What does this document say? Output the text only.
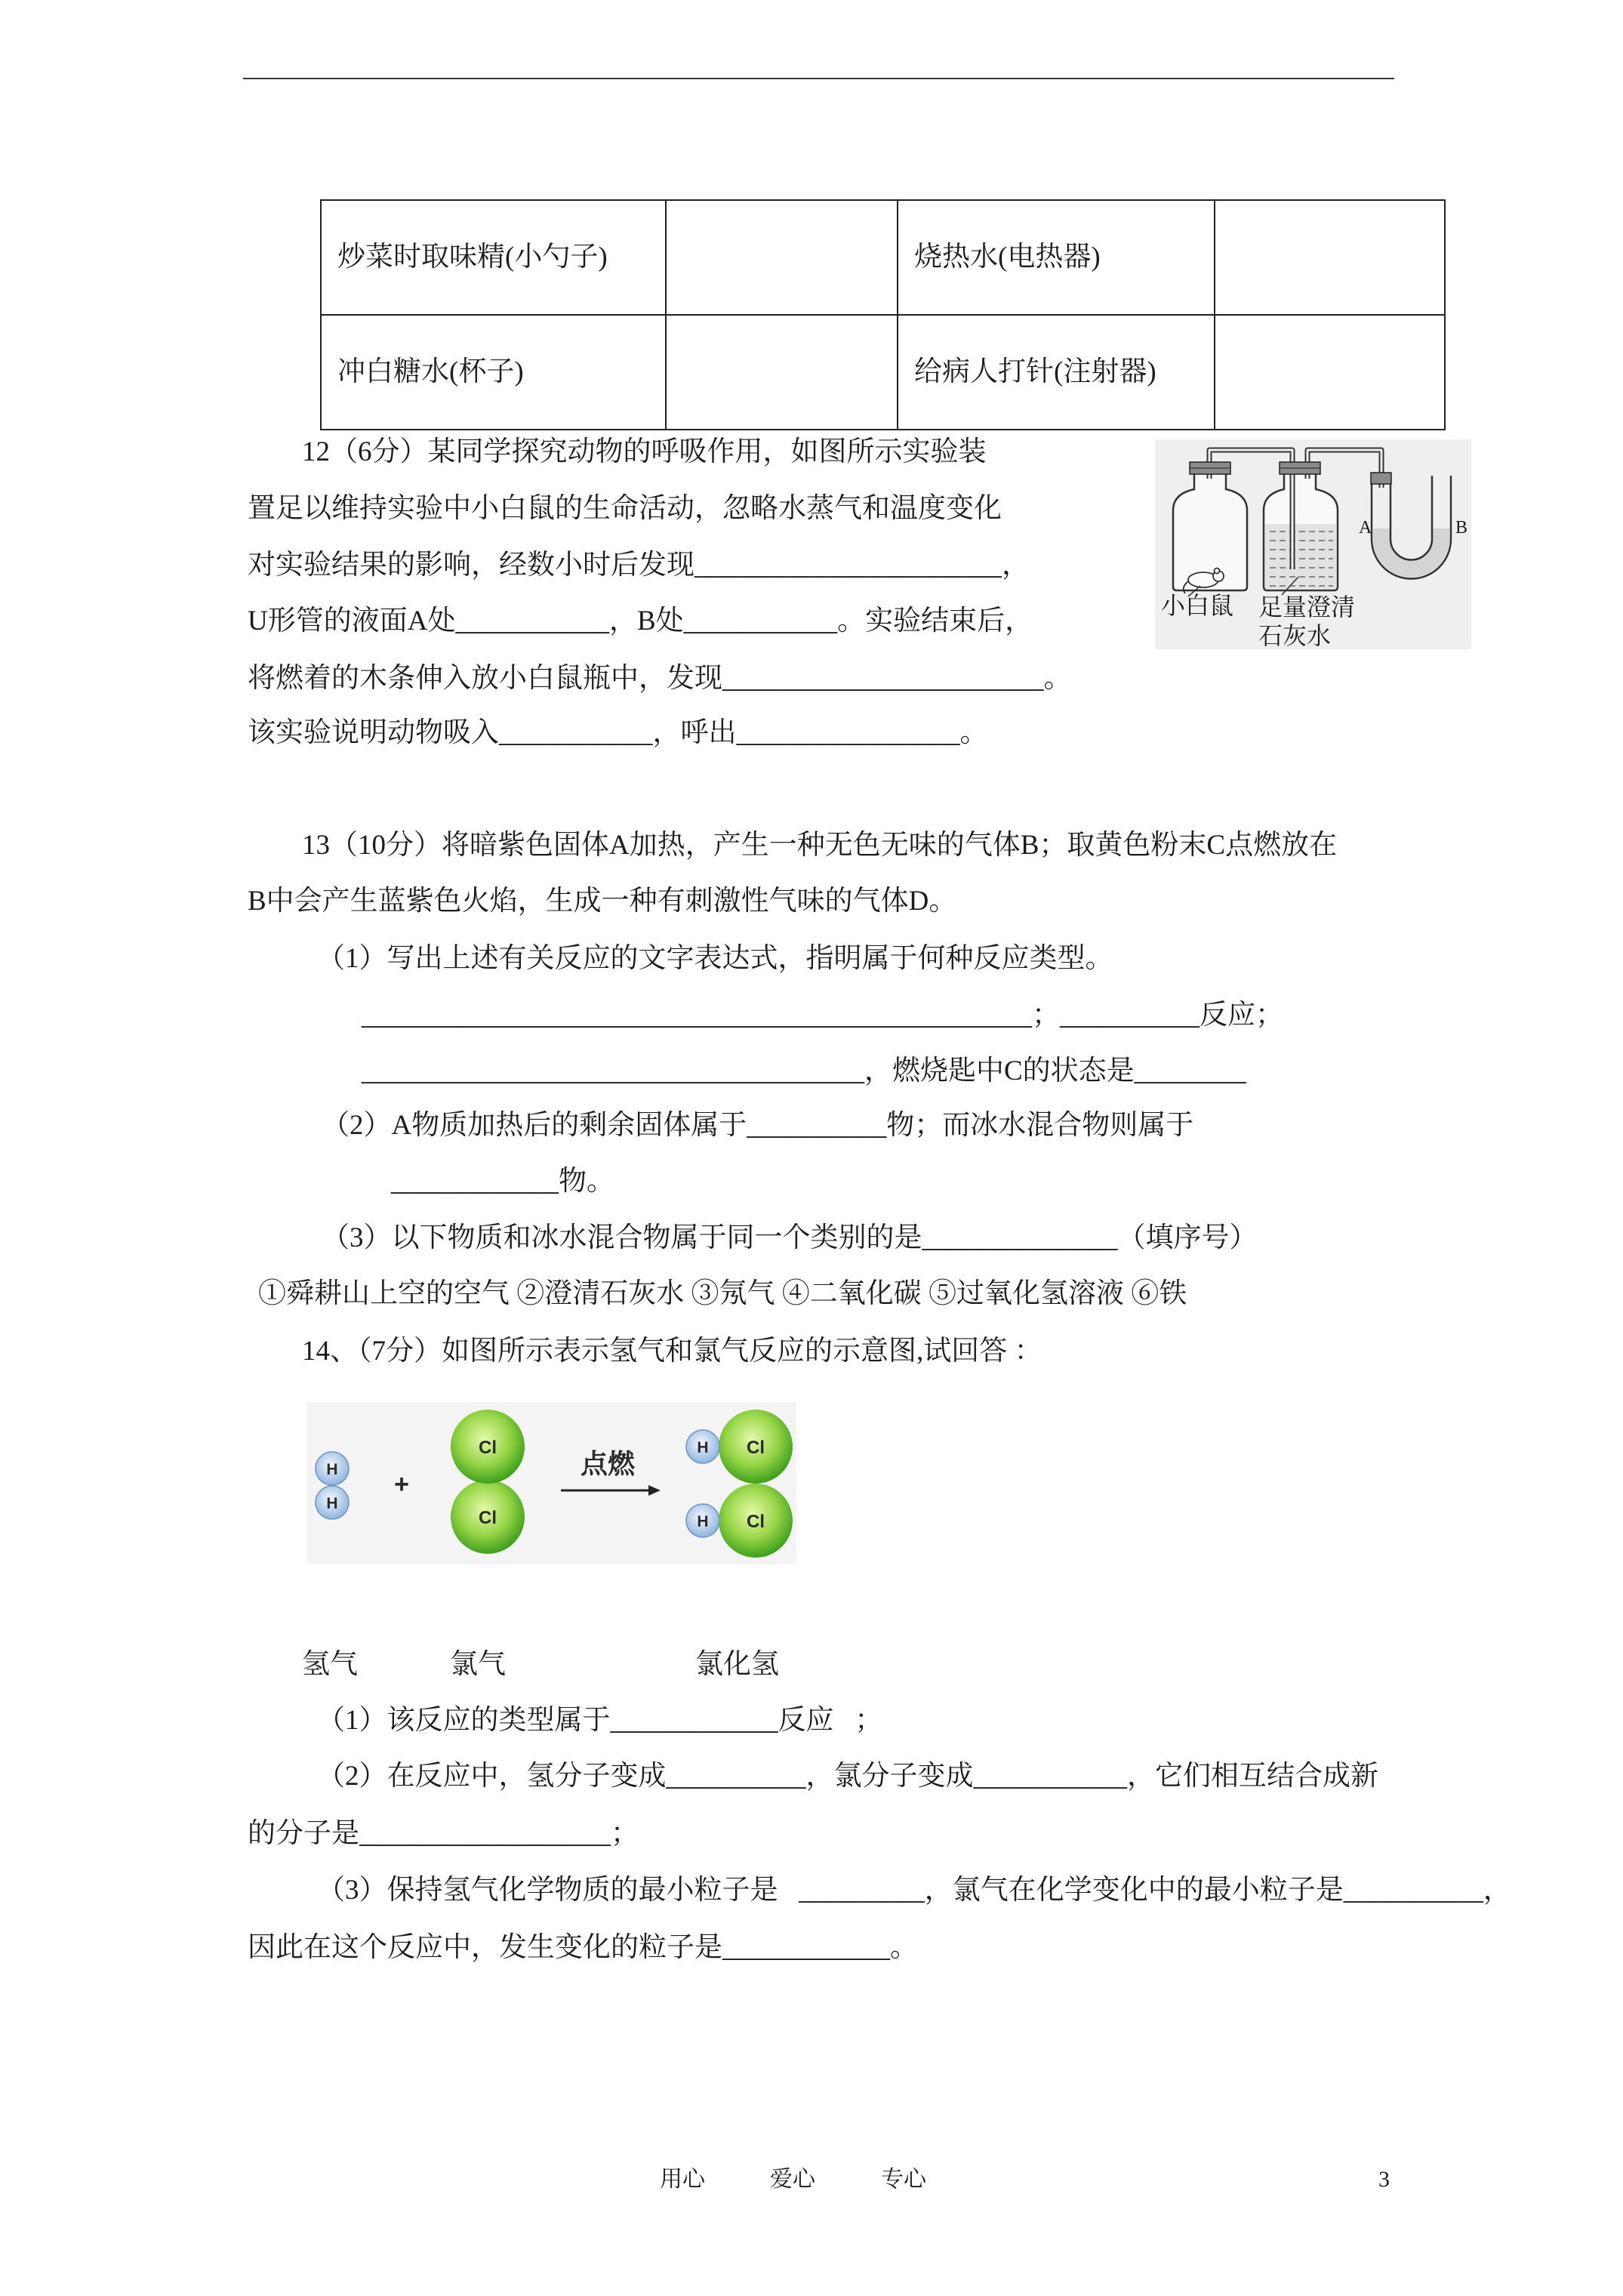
炒菜时取味精(小勺子)		烧热水(电热器)	
冲白糖水(杯子)		给病人打针(注射器)	
12（6分）某同学探究动物的呼吸作用，如图所示实验装
置足以维持实验中小白鼠的生命活动，忽略水蒸气和温度变化
对实验结果的影响，经数小时后发现______________________，
U形管的液面A处___________，B处___________。实验结束后，
将燃着的木条伸入放小白鼠瓶中，发现_______________________。
该实验说明动物吸入___________，呼出________________。
A	B
小白鼠 足量澄清
石灰水
13（10分）将暗紫色固体A加热，产生一种无色无味的气体B；取黄色粉末C点燃放在
B中会产生蓝紫色火焰，生成一种有刺激性气味的气体D。
（1）写出上述有关反应的文字表达式，指明属于何种反应类型。
________________________________________________；__________反应；
____________________________________，燃烧匙中C的状态是________
（2）A物质加热后的剩余固体属于__________物；而冰水混合物则属于
____________物。
（3）以下物质和冰水混合物属于同一个类别的是______________（填序号）
①舜耕山上空的空气 ②澄清石灰水 ③氖气 ④二氧化碳 ⑤过氧化氢溶液 ⑥铁
14、（7分）如图所示表示氢气和氯气反应的示意图,试回答 ：
H
H
+
Cl
Cl
点燃
Cl
H
Cl
H
氢气	氯气	氯化氢
（1）该反应的类型属于____________反应   ；
（2）在反应中，氢分子变成__________，氯分子变成___________，它们相互结合成新
的分子是__________________；
（3）保持氢气化学物质的最小粒子是   _________，氯气在化学变化中的最小粒子是__________，
因此在这个反应中，发生变化的粒子是____________。
用心	爱心	专心	3
